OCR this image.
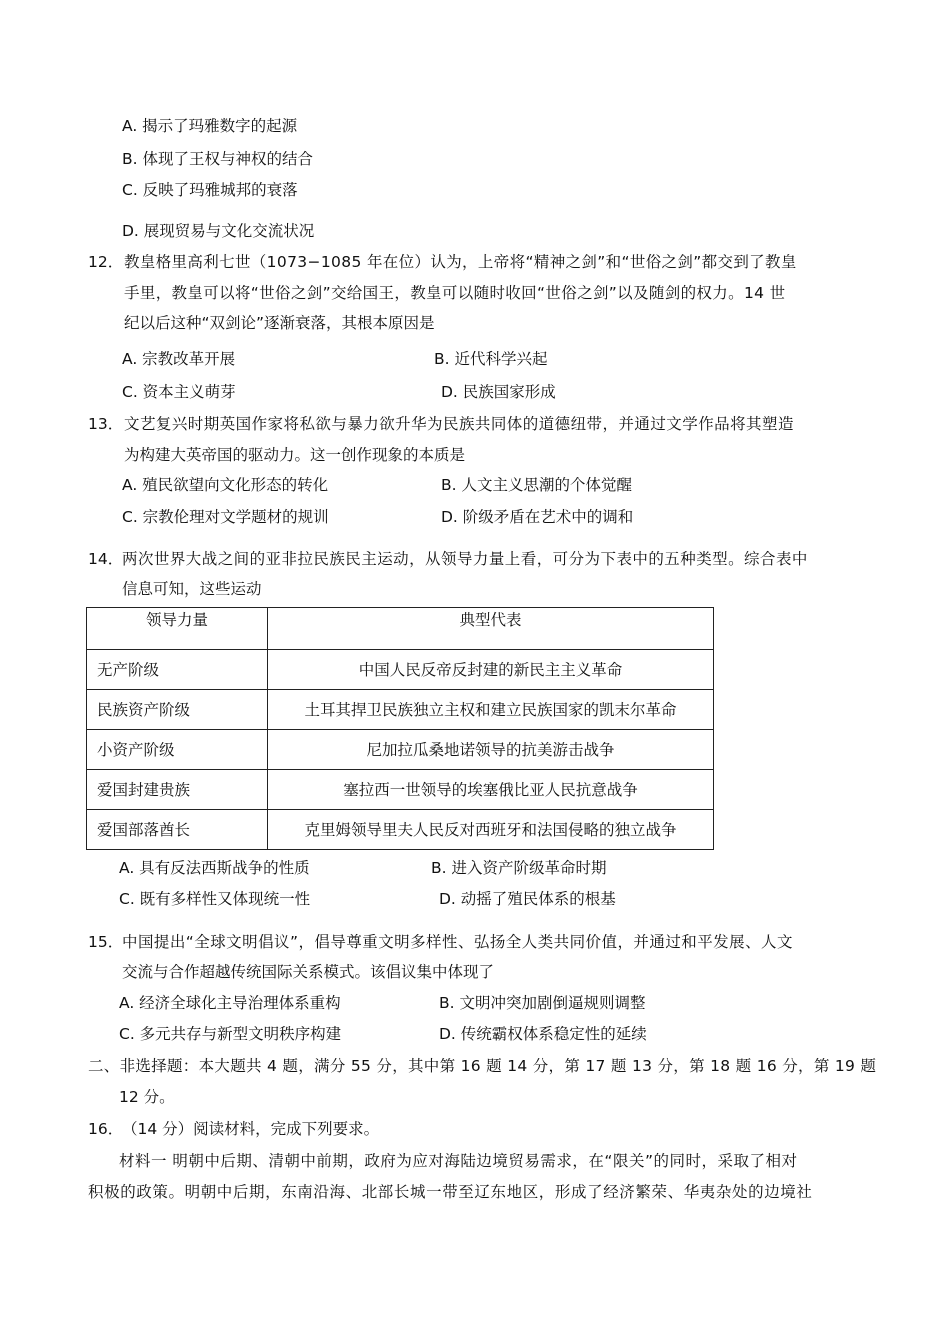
A. 揭示了玛雅数字的起源
B. 体现了王权与神权的结合
C. 反映了玛雅城邦的衰落
D. 展现贸易与文化交流状况
12． 教皇格里高利七世（1073−1085 年在位）认为，上帝将“精神之剑”和“世俗之剑”都交到了教皇
手里，教皇可以将“世俗之剑”交给国王，教皇可以随时收回“世俗之剑”以及随剑的权力。14 世
纪以后这种“双剑论”逐渐衰落，其根本原因是
A. 宗教改革开展	B. 近代科学兴起
C. 资本主义萌芽	D. 民族国家形成
13． 文艺复兴时期英国作家将私欲与暴力欲升华为民族共同体的道德纽带，并通过文学作品将其塑造
为构建大英帝国的驱动力。这一创作现象的本质是
A. 殖民欲望向文化形态的转化	B. 人文主义思潮的个体觉醒
C. 宗教伦理对文学题材的规训	D. 阶级矛盾在艺术中的调和
14．
两次世界大战之间的亚非拉民族民主运动，从领导力量上看，可分为下表中的五种类型。综合表中
信息可知，这些运动
领导力量	典型代表
无产阶级	中国人民反帝反封建的新民主主义革命
民族资产阶级	土耳其捍卫民族独立主权和建立民族国家的凯末尔革命
小资产阶级	尼加拉瓜桑地诺领导的抗美游击战争
爱国封建贵族	塞拉西一世领导的埃塞俄比亚人民抗意战争
爱国部落酋长	克里姆领导里夫人民反对西班牙和法国侵略的独立战争
A. 具有反法西斯战争的性质	B. 进入资产阶级革命时期
C. 既有多样性又体现统一性	D. 动摇了殖民体系的根基
15．
中国提出“全球文明倡议”，倡导尊重文明多样性、弘扬全人类共同价值，并通过和平发展、人文
交流与合作超越传统国际关系模式。该倡议集中体现了
A. 经济全球化主导治理体系重构	B. 文明冲突加剧倒逼规则调整
C. 多元共存与新型文明秩序构建	D. 传统霸权体系稳定性的延续
二、非选择题：本大题共 4 题，满分 55 分，其中第 16 题 14 分，第 17 题 13 分，第 18 题 16 分，第 19 题
12 分。
16．
（14 分）阅读材料，完成下列要求。
材料一 明朝中后期、清朝中前期，政府为应对海陆边境贸易需求，在“限关”的同时，采取了相对
积极的政策。明朝中后期，东南沿海、北部长城一带至辽东地区，形成了经济繁荣、华夷杂处的边境社
